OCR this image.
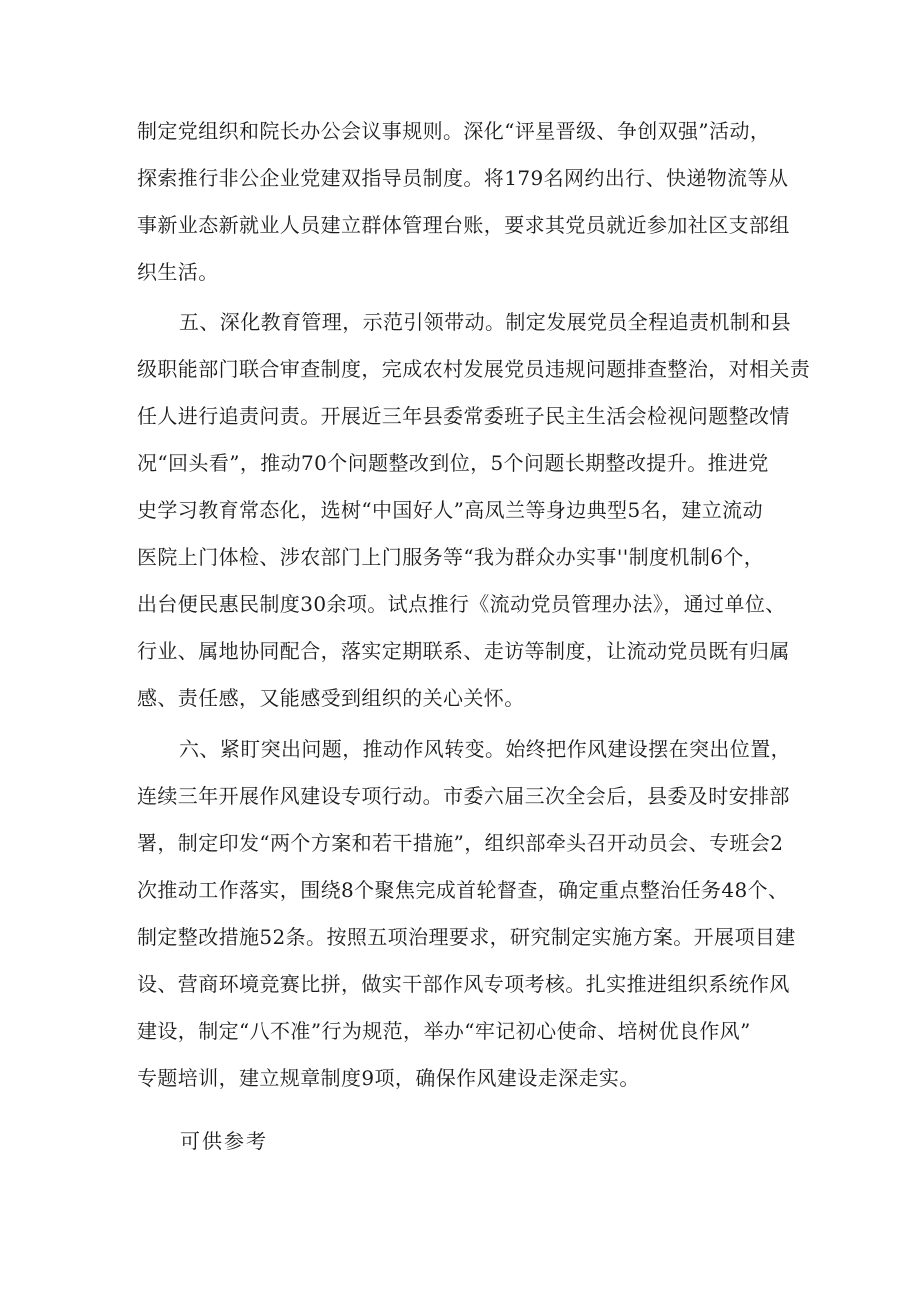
制定党组织和院长办公会议事规则。深化“评星晋级、争创双强”活动，
探索推行非公企业党建双指导员制度。将179名网约出行、快递物流等从
事新业态新就业人员建立群体管理台账，要求其党员就近参加社区支部组
织生活。
五、深化教育管理，示范引领带动。制定发展党员全程追责机制和县
级职能部门联合审查制度，完成农村发展党员违规问题排查整治，对相关责
任人进行追责问责。开展近三年县委常委班子民主生活会检视问题整改情
况“回头看”，推动70个问题整改到位，5个问题长期整改提升。推进党
史学习教育常态化，选树“中国好人”高凤兰等身边典型5名，建立流动
医院上门体检、涉农部门上门服务等“我为群众办实事''制度机制6个，
出台便民惠民制度30余项。试点推行《流动党员管理办法》，通过单位、
行业、属地协同配合，落实定期联系、走访等制度，让流动党员既有归属
感、责任感，又能感受到组织的关心关怀。
六、紧盯突出问题，推动作风转变。始终把作风建设摆在突出位置，
连续三年开展作风建设专项行动。市委六届三次全会后，县委及时安排部
署，制定印发“两个方案和若干措施”，组织部牵头召开动员会、专班会2
次推动工作落实，围绕8个聚焦完成首轮督查，确定重点整治任务48个、
制定整改措施52条。按照五项治理要求，研究制定实施方案。开展项目建
设、营商环境竞赛比拼，做实干部作风专项考核。扎实推进组织系统作风
建设，制定“八不准”行为规范，举办“牢记初心使命、培树优良作风”
专题培训，建立规章制度9项，确保作风建设走深走实。
可供参考
